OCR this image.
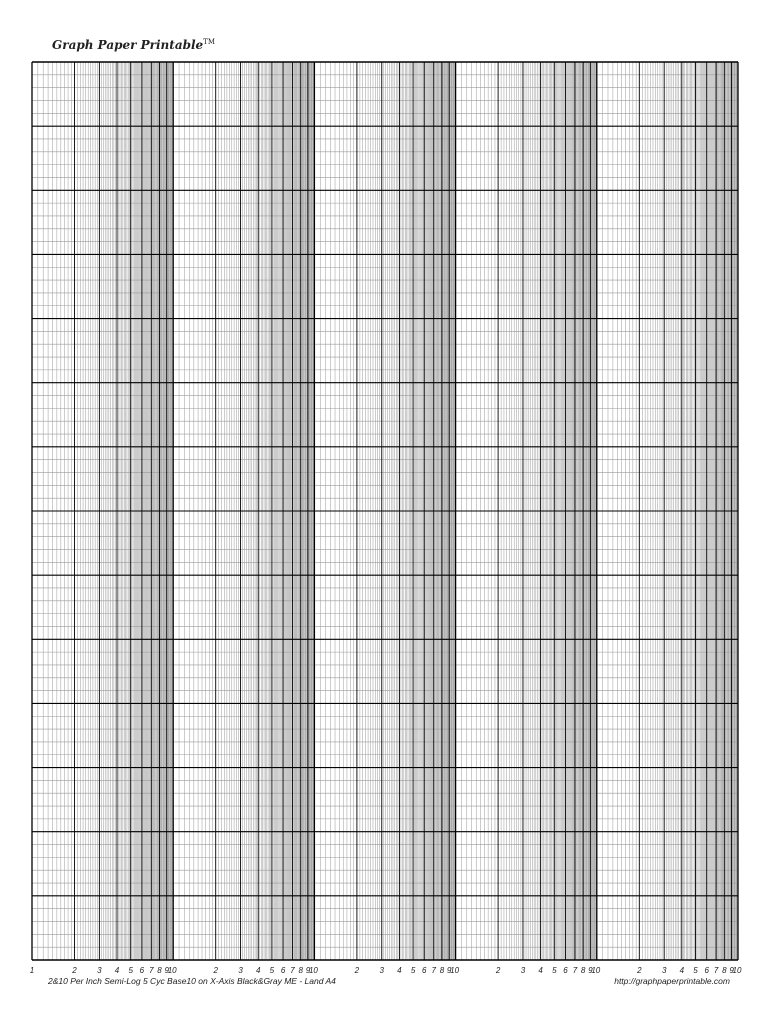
Graph Paper Printable™
1	2	3 4 5 6 7 8 9
10	2	3 4 5 6 7 8 9
10	2	3 4 5 6 7 8 9
10	2	3 4 5 6 7 8 9
10	2	3 4 5 6 7 8 9
10
2&10 Per Inch Semi-Log 5 Cyc Base10 on X-Axis Black&Gray ME - Land A4	http://graphpaperprintable.com
